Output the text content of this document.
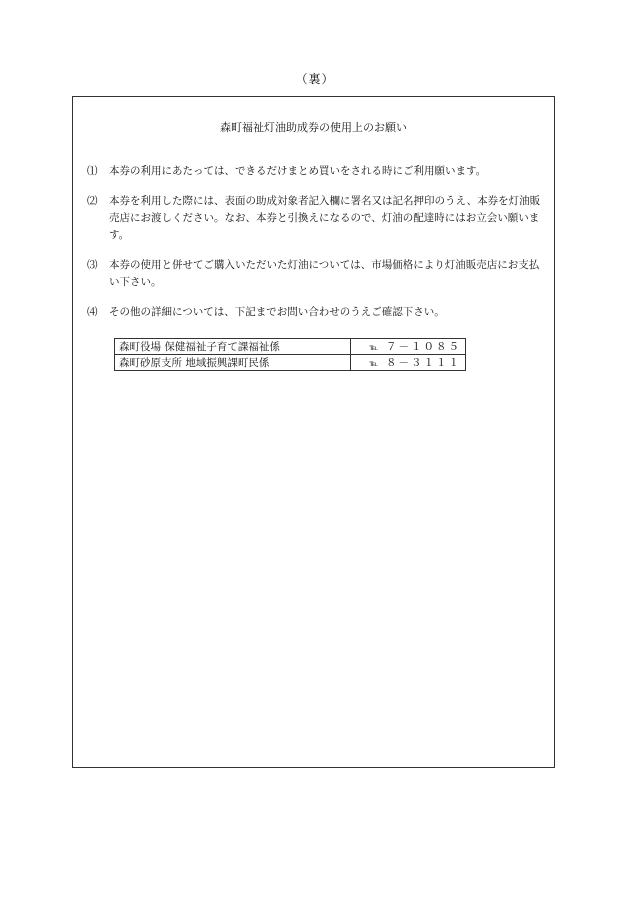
（裏）
森町福祉灯油助成券の使用上のお願い
⑴	本券の利用にあたっては、できるだけまとめ買いをされる時にご利用願います。
⑵	本券を利用した際には、表面の助成対象者記入欄に署名又は記名押印のうえ、本券を灯油販売店にお渡しください。なお、本券と引換えになるので、灯油の配達時にはお立会い願います。
⑶	本券の使用と併せてご購入いただいた灯油については、市場価格により灯油販売店にお支払い下さい。
⑷	その他の詳細については、下記までお問い合わせのうえご確認下さい。
森町役場 保健福祉子育て課福祉係	℡ ７－１０８５
森町砂原支所 地域振興課町民係	℡ ８－３１１１
